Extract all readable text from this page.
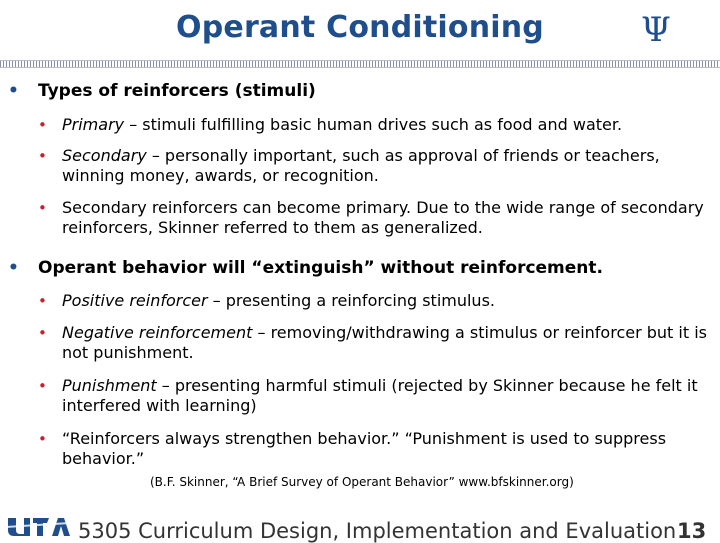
Operant Conditioning	Ψ
• Types of reinforcers (stimuli)
• Primary – stimuli fulfilling basic human drives such as food and water.
• Secondary – personally important, such as approval of friends or teachers, winning money, awards, or recognition.
• Secondary reinforcers can become primary. Due to the wide range of secondary reinforcers, Skinner referred to them as generalized.
• Operant behavior will “extinguish” without reinforcement.
• Positive reinforcer – presenting a reinforcing stimulus.
• Negative reinforcement – removing/withdrawing a stimulus or reinforcer but it is not punishment.
• Punishment – presenting harmful stimuli (rejected by Skinner because he felt it interfered with learning)
• “Reinforcers always strengthen behavior.” “Punishment is used to suppress behavior.”
(B.F. Skinner, “A Brief Survey of Operant Behavior” www.bfskinner.org)
5305 Curriculum Design, Implementation and Evaluation 13
